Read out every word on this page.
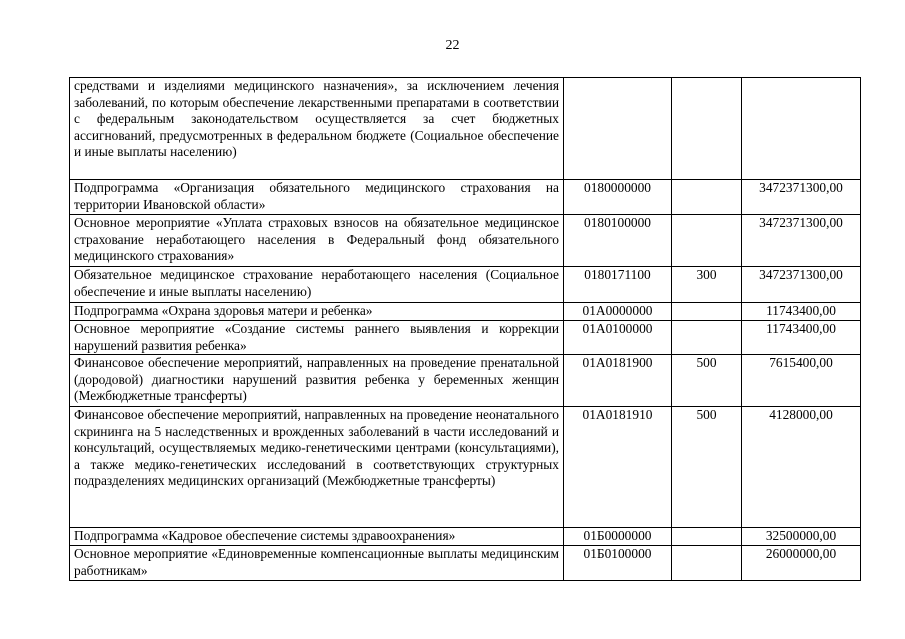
22
средствами и изделиями медицинского назначения», за исключением лечения заболеваний, по которым обеспечение лекарственными препаратами в соответствии с федеральным законодательством осуществляется за счет бюджетных ассигнований, предусмотренных в федеральном бюджете (Социальное обеспечение и иные выплаты населению)			
Подпрограмма «Организация обязательного медицинского страхования на территории Ивановской области»	0180000000		3472371300,00
Основное мероприятие «Уплата страховых взносов на обязательное медицинское страхование неработающего населения в Федеральный фонд обязательного медицинского страхования»	0180100000		3472371300,00
Обязательное медицинское страхование неработающего населения (Социальное обеспечение и иные выплаты населению)	0180171100	300	3472371300,00
Подпрограмма «Охрана здоровья матери и ребенка»	01А0000000		11743400,00
Основное мероприятие «Создание системы раннего выявления и коррекции нарушений развития ребенка»	01А0100000		11743400,00
Финансовое обеспечение мероприятий, направленных на проведение пренатальной (дородовой) диагностики нарушений развития ребенка у беременных женщин (Межбюджетные трансферты)	01А0181900	500	7615400,00
Финансовое обеспечение мероприятий, направленных на проведение неонатального скрининга на 5 наследственных и врожденных заболеваний в части исследований и консультаций, осуществляемых медико-генетическими центрами (консультациями), а также медико-генетических исследований в соответствующих структурных подразделениях медицинских организаций (Межбюджетные трансферты)	01А0181910	500	4128000,00
Подпрограмма «Кадровое обеспечение системы здравоохранения»	01Б0000000		32500000,00
Основное мероприятие «Единовременные компенсационные выплаты медицинским работникам»	01Б0100000		26000000,00
